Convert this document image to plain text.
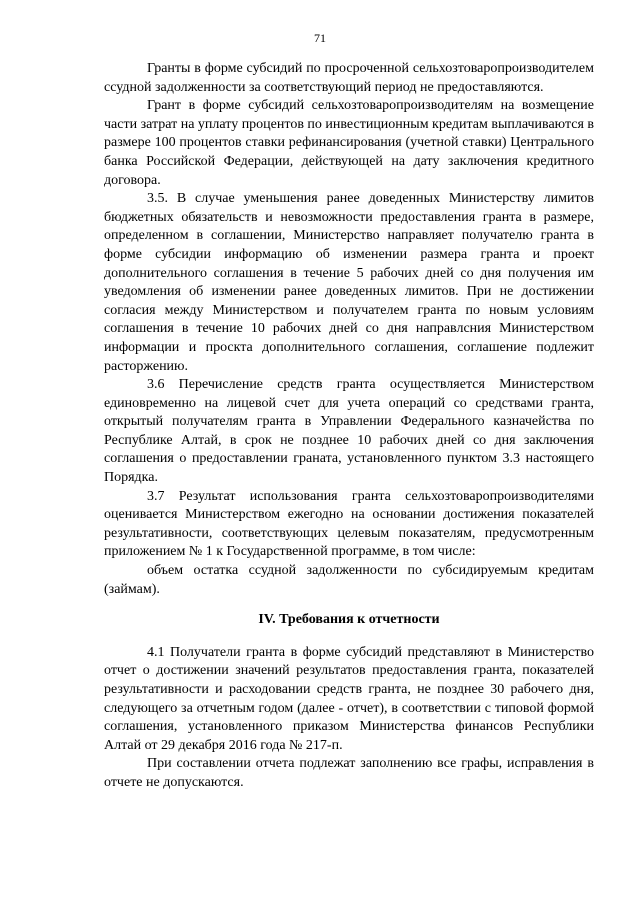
71

Гранты в форме субсидий по просроченной сельхозтоваропроизводителем ссудной задолженности за соответствующий период не предоставляются.

Грант в форме субсидий сельхозтоваропроизводителям на возмещение части затрат на уплату процентов по инвестиционным кредитам выплачиваются в размере 100 процентов ставки рефинансирования (учетной ставки) Центрального банка Российской Федерации, действующей на дату заключения кредитного договора.

3.5. В случае уменьшения ранее доведенных Министерству лимитов бюджетных обязательств и невозможности предоставления гранта в размере, определенном в соглашении, Министерство направляет получателю гранта в форме субсидии информацию об изменении размера гранта и проект дополнительного соглашения в течение 5 рабочих дней со дня получения им уведомления об изменении ранее доведенных лимитов. При не достижении согласия между Министерством и получателем гранта по новым условиям соглашения в течение 10 рабочих дней со дня направлсния Министерством информации и проскта дополнительного соглашения, соглашение подлежит расторжению.

3.6 Перечисление средств гранта осуществляется Министерством единовременно на лицевой счет для учета операций со средствами гранта, открытый получателям гранта в Управлении Федерального казначейства по Республике Алтай, в срок не позднее 10 рабочих дней со дня заключения соглашения о предоставлении граната, установленного пунктом 3.3 настоящего Порядка.

3.7 Результат использования гранта сельхозтоваропроизводителями оценивается Министерством ежегодно на основании достижения показателей результативности, соответствующих целевым показателям, предусмотренным приложением № 1 к Государственной программе, в том числе:

объем остатка ссудной задолженности по субсидируемым кредитам (займам).

IV. Требования к отчетности

4.1 Получатели гранта в форме субсидий представляют в Министерство отчет о достижении значений результатов предоставления гранта, показателей результативности и расходовании средств гранта, не позднее 30 рабочего дня, следующего за отчетным годом (далее - отчет), в соответствии с типовой формой соглашения, установленного приказом Министерства финансов Республики Алтай от 29 декабря 2016 года № 217-п.

При составлении отчета подлежат заполнению все графы, исправления в отчете не допускаются.
